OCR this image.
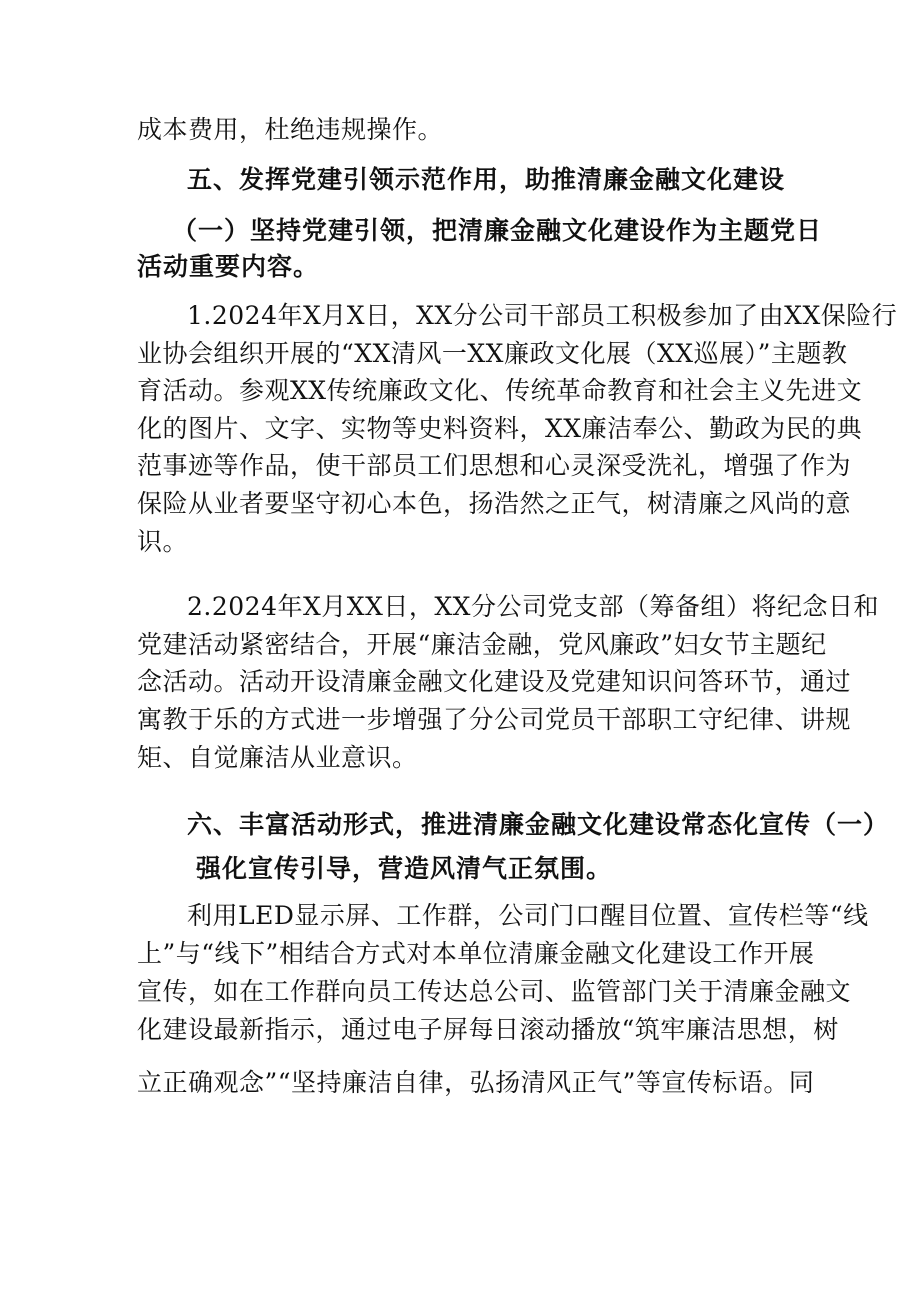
成本费用，杜绝违规操作。
五、发挥党建引领示范作用，助推清廉金融文化建设
（一）坚持党建引领，把清廉金融文化建设作为主题党日
活动重要内容。
1.2024年X月X日，XX分公司干部员工积极参加了由XX保险行
业协会组织开展的“XX清风一XX廉政文化展（XX巡展）”主题教
育活动。参观XX传统廉政文化、传统革命教育和社会主义先进文
化的图片、文字、实物等史料资料，XX廉洁奉公、勤政为民的典
范事迹等作品，使干部员工们思想和心灵深受洗礼，增强了作为
保险从业者要坚守初心本色，扬浩然之正气，树清廉之风尚的意
识。
2.2024年X月XX日，XX分公司党支部（筹备组）将纪念日和
党建活动紧密结合，开展“廉洁金融，党风廉政”妇女节主题纪
念活动。活动开设清廉金融文化建设及党建知识问答环节，通过
寓教于乐的方式进一步增强了分公司党员干部职工守纪律、讲规
矩、自觉廉洁从业意识。
六、丰富活动形式，推进清廉金融文化建设常态化宣传（一）
强化宣传引导，营造风清气正氛围。
利用LED显示屏、工作群，公司门口醒目位置、宣传栏等“线
上”与“线下”相结合方式对本单位清廉金融文化建设工作开展
宣传，如在工作群向员工传达总公司、监管部门关于清廉金融文
化建设最新指示，通过电子屏每日滚动播放“筑牢廉洁思想，树
立正确观念”“坚持廉洁自律，弘扬清风正气”等宣传标语。同
